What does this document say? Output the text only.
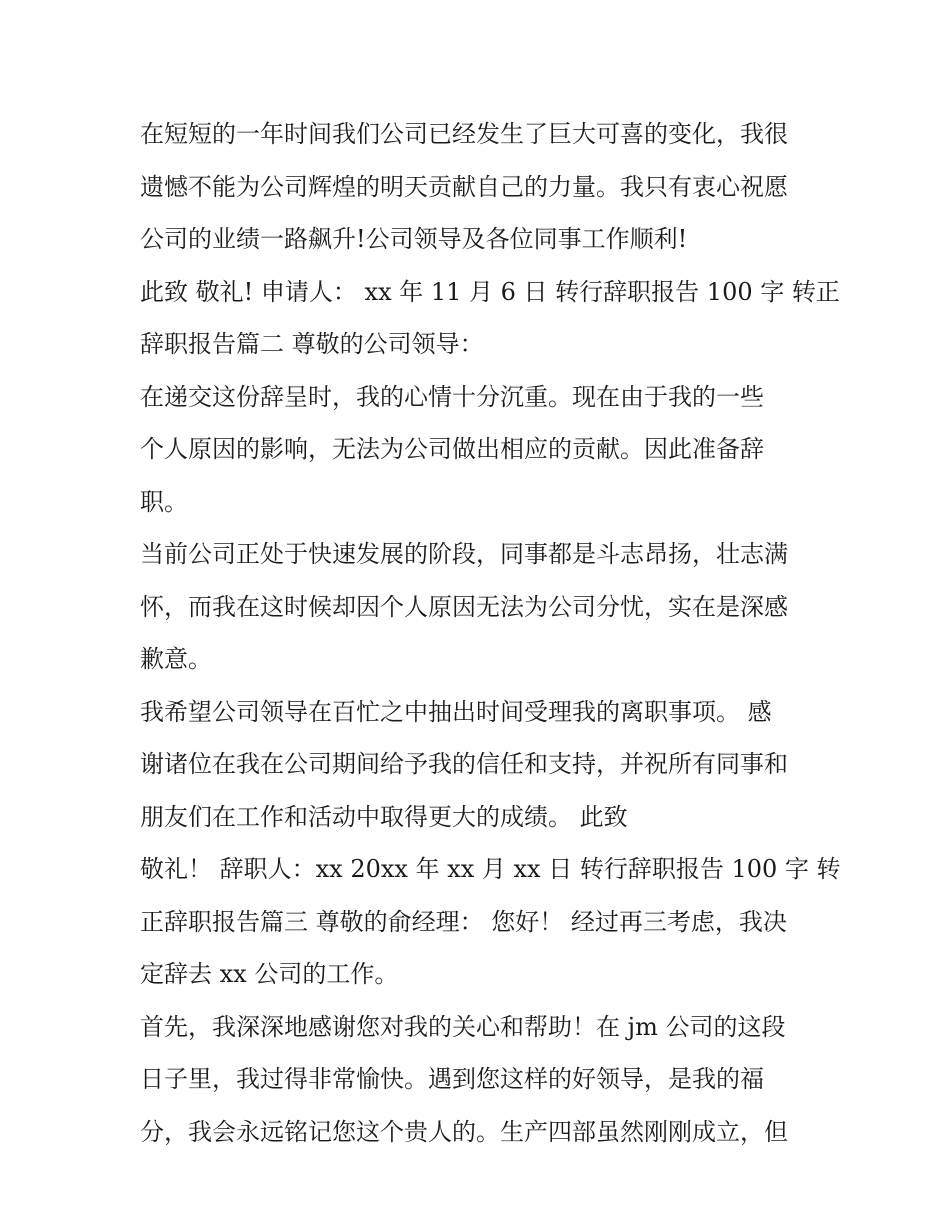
在短短的一年时间我们公司已经发生了巨大可喜的变化，我很
遗憾不能为公司辉煌的明天贡献自己的力量。我只有衷心祝愿
公司的业绩一路飙升!公司领导及各位同事工作顺利!
此致 敬礼! 申请人： xx 年 11 月 6 日 转行辞职报告 100 字 转正
辞职报告篇二 尊敬的公司领导：
在递交这份辞呈时，我的心情十分沉重。现在由于我的一些
个人原因的影响，无法为公司做出相应的贡献。因此准备辞
职。
当前公司正处于快速发展的阶段，同事都是斗志昂扬，壮志满
怀，而我在这时候却因个人原因无法为公司分忧，实在是深感
歉意。
我希望公司领导在百忙之中抽出时间受理我的离职事项。 感
谢诸位在我在公司期间给予我的信任和支持，并祝所有同事和
朋友们在工作和活动中取得更大的成绩。 此致
敬礼！ 辞职人：xx 20xx 年 xx 月 xx 日 转行辞职报告 100 字 转
正辞职报告篇三 尊敬的俞经理： 您好！ 经过再三考虑，我决
定辞去 xx 公司的工作。
首先，我深深地感谢您对我的关心和帮助！在 jm 公司的这段
日子里，我过得非常愉快。遇到您这样的好领导，是我的福
分，我会永远铭记您这个贵人的。生产四部虽然刚刚成立，但
